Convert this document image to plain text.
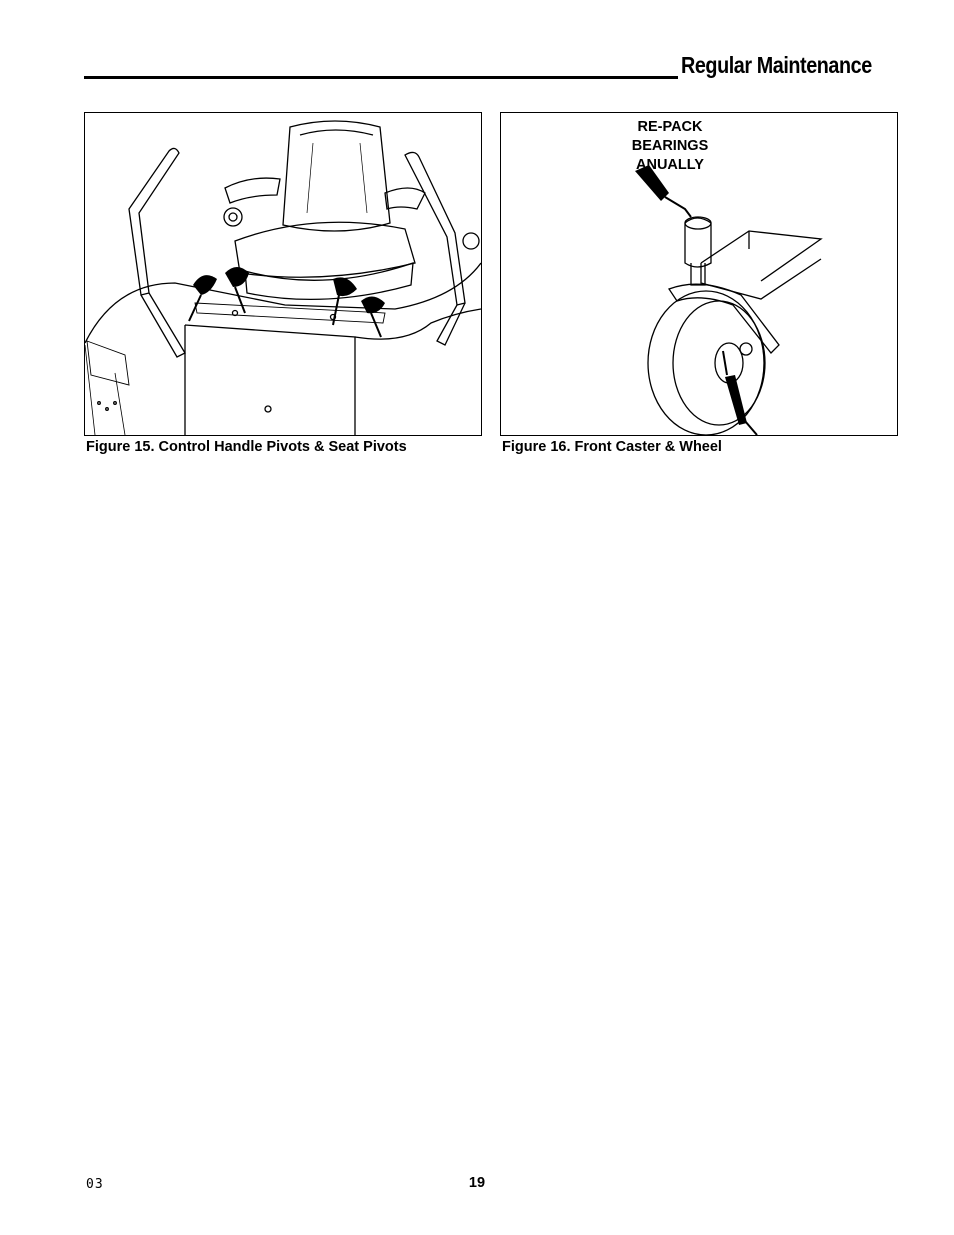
Regular Maintenance
Figure 15. Control Handle Pivots & Seat Pivots
RE-PACK
BEARINGS
ANUALLY
Figure 16. Front Caster & Wheel
03	19
